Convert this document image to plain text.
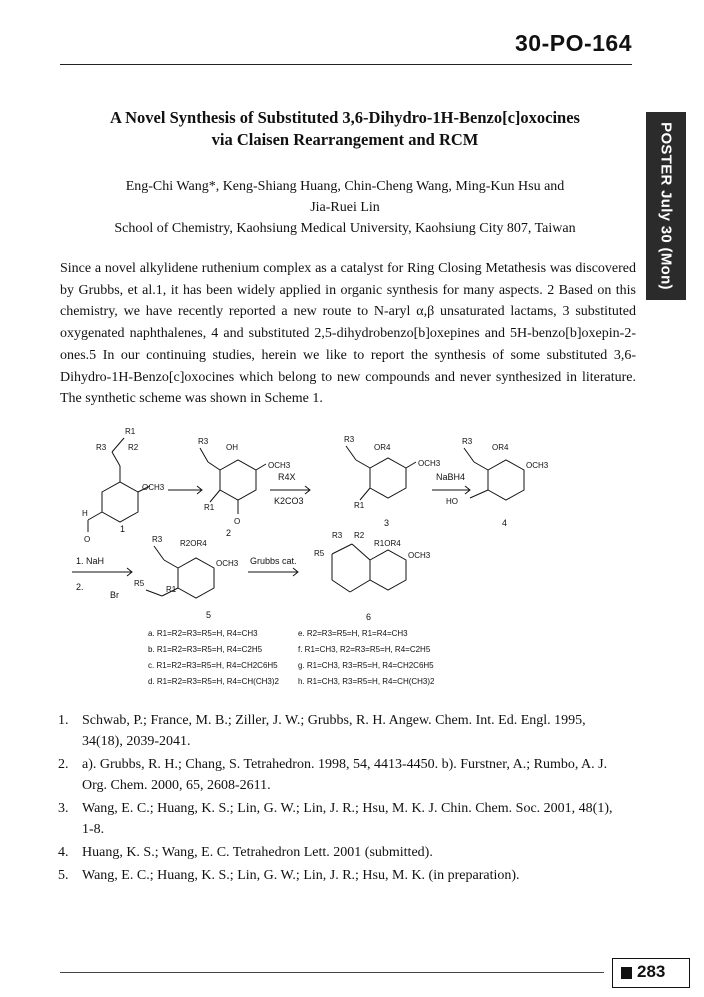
30-PO-164
POSTER July 30 (Mon)
A Novel Synthesis of Substituted 3,6-Dihydro-1H-Benzo[c]oxocines
via Claisen Rearrangement and RCM
Eng-Chi Wang*, Keng-Shiang Huang, Chin-Cheng Wang, Ming-Kun Hsu and
Jia-Ruei Lin
School of Chemistry, Kaohsiung Medical University, Kaohsiung City 807, Taiwan
Since a novel alkylidene ruthenium complex as a catalyst for Ring Closing Metathesis was discovered by Grubbs, et al.1, it has been widely applied in organic synthesis for many aspects. 2 Based on this chemistry, we have recently reported a new route to N-aryl α,β unsaturated lactams, 3 substituted oxygenated naphthalenes, 4 and substituted 2,5-dihydrobenzo[b]oxepines and 5H-benzo[b]oxepin-2-ones.5 In our continuing studies, herein we like to report the synthesis of some substituted 3,6-Dihydro-1H-Benzo[c]oxocines which belong to new compounds and never synthesized in literature. The synthetic scheme was shown in Scheme 1.
R1
R3	R2
OCH3
H
O
R3
OH
OCH3
R1
O
R3
OR4
OCH3
R1
R3
OR4
OCH3
HO
R3 R2OR4
OCH3
R1
R5
R3 R2
R1OR4
OCH3
R5
1	2
3	4
5	6
R4X
K2CO3
NaBH4
1. NaH
2.
Br
Grubbs cat.
a. R1=R2=R3=R5=H, R4=CH3
b. R1=R2=R3=R5=H, R4=C2H5
c. R1=R2=R3=R5=H, R4=CH2C6H5
d. R1=R2=R3=R5=H, R4=CH(CH3)2
e. R2=R3=R5=H, R1=R4=CH3
f. R1=CH3, R2=R3=R5=H, R4=C2H5
g. R1=CH3, R3=R5=H, R4=CH2C6H5
h. R1=CH3, R3=R5=H, R4=CH(CH3)2
1. Schwab, P.; France, M. B.; Ziller, J. W.; Grubbs, R. H. Angew. Chem. Int. Ed. Engl. 1995, 34(18), 2039-2041.
2. a). Grubbs, R. H.; Chang, S. Tetrahedron. 1998, 54, 4413-4450. b). Furstner, A.; Rumbo, A. J. Org. Chem. 2000, 65, 2608-2611.
3. Wang, E. C.; Huang, K. S.; Lin, G. W.; Lin, J. R.; Hsu, M. K. J. Chin. Chem. Soc. 2001, 48(1), 1-8.
4. Huang, K. S.; Wang, E. C. Tetrahedron Lett. 2001 (submitted).
5. Wang, E. C.; Huang, K. S.; Lin, G. W.; Lin, J. R.; Hsu, M. K. (in preparation).
283
